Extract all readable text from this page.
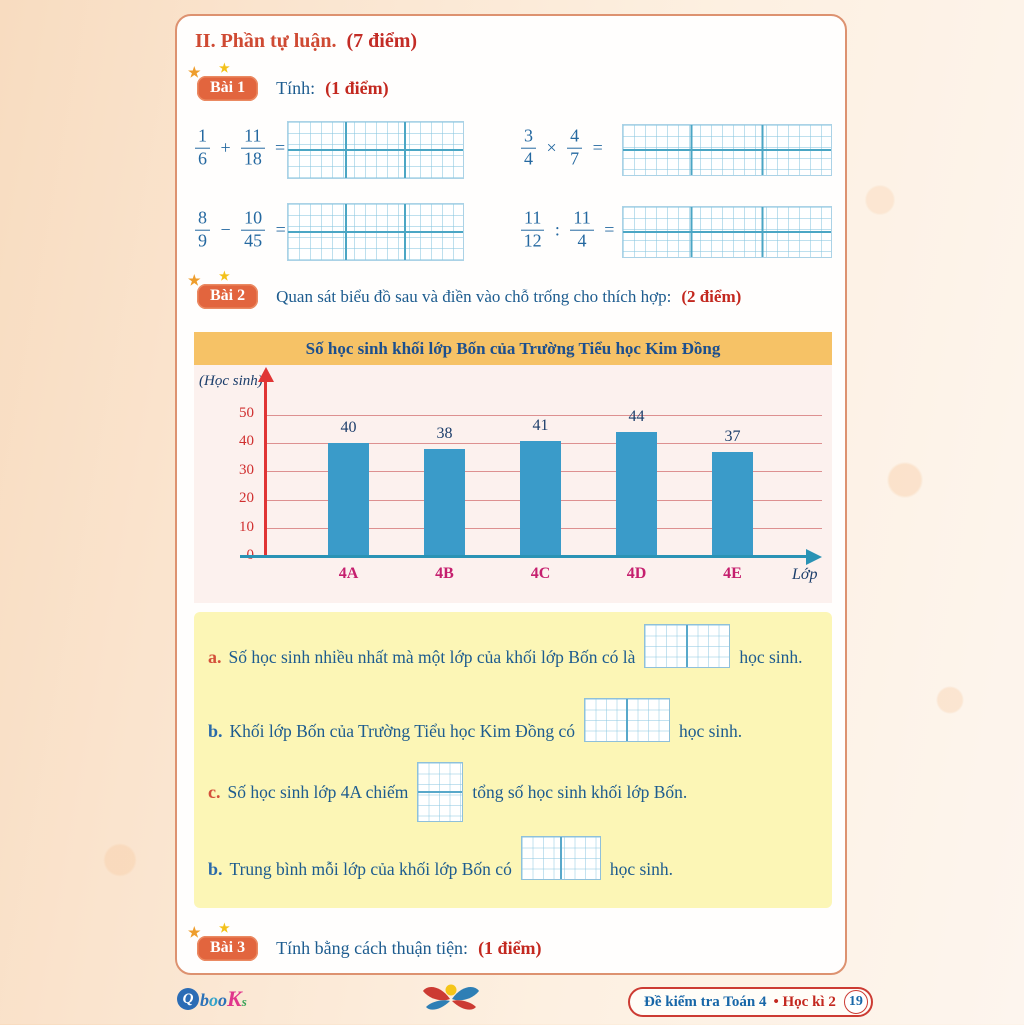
II. Phần tự luận. (7 điểm)
★ ★
Bài 1	Tính: (1 điểm)
$\frac{1}{6} + \frac{11}{18}$ =	$\frac{3}{4} \times \frac{4}{7}$ =
$\frac{8}{9} - \frac{10}{45}$ =	$\frac{11}{12}$ : $\frac{11}{4}$ =
★ ★
Bài 2	Quan sát biểu đồ sau và điền vào chỗ trống cho thích hợp: (2 điểm)
Số học sinh khối lớp Bốn của Trường Tiểu học Kim Đồng
(Học sinh)
10
20
30
40
50
40
4A
38
4B
41
4C
44
4D
37
4E	Lớp
a. Số học sinh nhiều nhất mà một lớp của khối lớp Bốn có là	học sinh.
b. Khối lớp Bốn của Trường Tiểu học Kim Đồng có	học sinh.
c. Số học sinh lớp 4A chiếm	tổng số học sinh khối lớp Bốn.
b. Trung bình mỗi lớp của khối lớp Bốn có	học sinh.
★ ★
Bài 3	Tính bằng cách thuận tiện: (1 điểm)
Q b o o K s	Đề kiểm tra Toán 4 • Học kì 2 19
